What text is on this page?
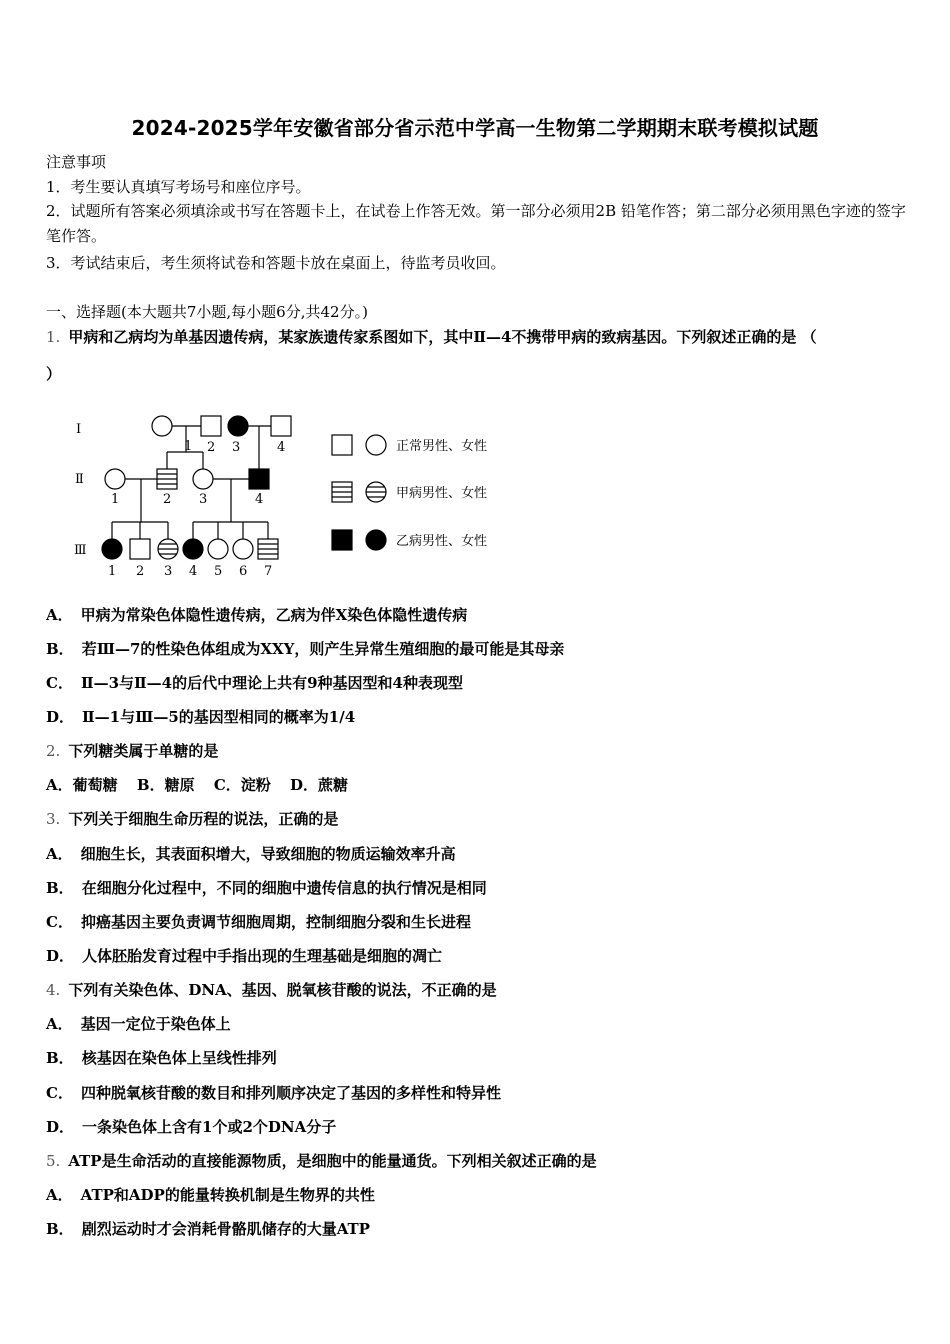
2024-2025学年安徽省部分省示范中学高一生物第二学期期末联考模拟试题
注意事项
1．考生要认真填写考场号和座位序号。
2．试题所有答案必须填涂或书写在答题卡上，在试卷上作答无效。第一部分必须用2B 铅笔作答；第二部分必须用黑色字迹的签字笔作答。
3．考试结束后，考生须将试卷和答题卡放在桌面上，待监考员收回。
一、选择题(本大题共7小题,每小题6分,共42分。)
1. 甲病和乙病均为单基因遗传病，某家族遗传家系图如下，其中Ⅱ—4不携带甲病的致病基因。下列叙述正确的是 （
）
Ⅰ
Ⅱ
Ⅲ
1 2 3	4
1	2 3	4
1 2 3 4 5 6 7
正常男性、女性
甲病男性、女性
乙病男性、女性
A． 甲病为常染色体隐性遗传病，乙病为伴X染色体隐性遗传病
B． 若Ⅲ—7的性染色体组成为XXY，则产生异常生殖细胞的最可能是其母亲
C． Ⅱ—3与Ⅱ—4的后代中理论上共有9种基因型和4种表现型
D． Ⅱ—1与Ⅲ—5的基因型相同的概率为1/4
2. 下列糖类属于单糖的是
A．葡萄糖 B．糖原 C．淀粉 D．蔗糖
3. 下列关于细胞生命历程的说法，正确的是
A． 细胞生长，其表面积增大，导致细胞的物质运输效率升高
B． 在细胞分化过程中，不同的细胞中遗传信息的执行情况是相同
C． 抑癌基因主要负责调节细胞周期，控制细胞分裂和生长进程
D． 人体胚胎发育过程中手指出现的生理基础是细胞的凋亡
4. 下列有关染色体、DNA、基因、脱氧核苷酸的说法，不正确的是
A． 基因一定位于染色体上
B． 核基因在染色体上呈线性排列
C． 四种脱氧核苷酸的数目和排列顺序决定了基因的多样性和特异性
D． 一条染色体上含有1个或2个DNA分子
5. ATP是生命活动的直接能源物质，是细胞中的能量通货。下列相关叙述正确的是
A． ATP和ADP的能量转换机制是生物界的共性
B． 剧烈运动时才会消耗骨骼肌储存的大量ATP
